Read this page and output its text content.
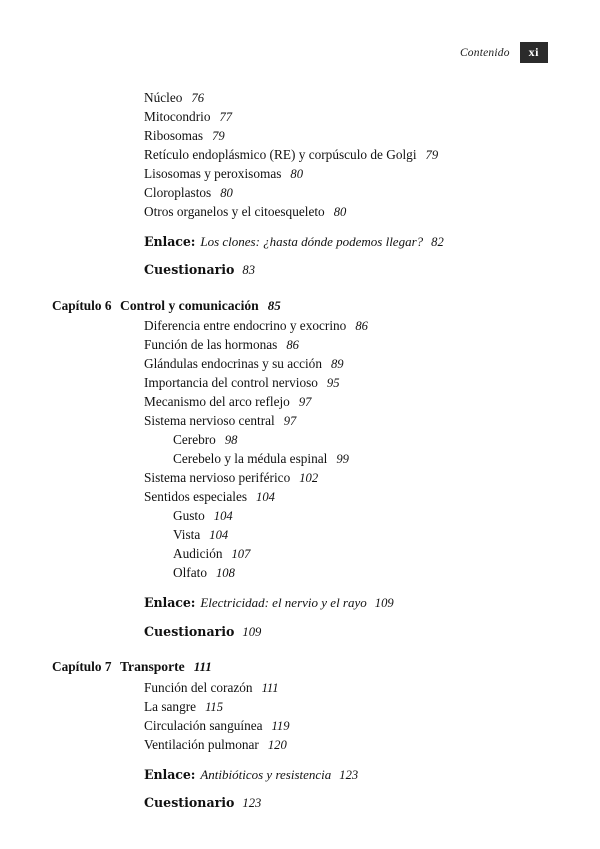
Contenido	xi
Núcleo 76
Mitocondrio 77
Ribosomas 79
Retículo endoplásmico (RE) y corpúsculo de Golgi 79
Lisosomas y peroxisomas 80
Cloroplastos 80
Otros organelos y el citoesqueleto 80
Enlace: Los clones: ¿hasta dónde podemos llegar? 82
Cuestionario 83
Capítulo 6 Control y comunicación 85
Diferencia entre endocrino y exocrino 86
Función de las hormonas 86
Glándulas endocrinas y su acción 89
Importancia del control nervioso 95
Mecanismo del arco reflejo 97
Sistema nervioso central 97
Cerebro 98
Cerebelo y la médula espinal 99
Sistema nervioso periférico 102
Sentidos especiales 104
Gusto 104
Vista 104
Audición 107
Olfato 108
Enlace: Electricidad: el nervio y el rayo 109
Cuestionario 109
Capítulo 7 Transporte 111
Función del corazón 111
La sangre 115
Circulación sanguínea 119
Ventilación pulmonar 120
Enlace: Antibióticos y resistencia 123
Cuestionario 123
